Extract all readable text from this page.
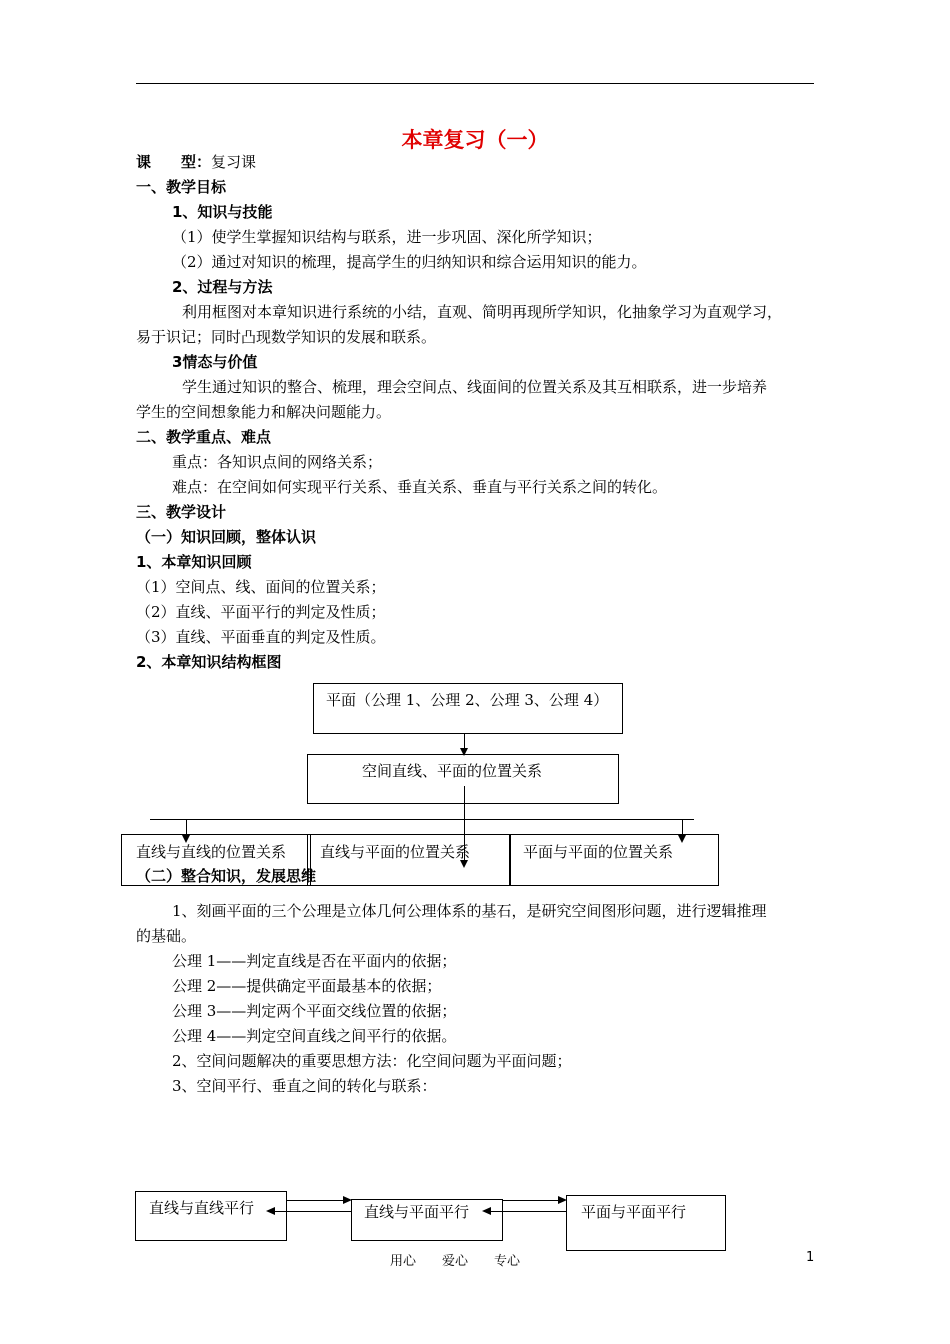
本章复习（一）
课　　型：复习课
一、教学目标
1、知识与技能
（1）使学生掌握知识结构与联系，进一步巩固、深化所学知识；
（2）通过对知识的梳理，提高学生的归纳知识和综合运用知识的能力。
2、过程与方法
利用框图对本章知识进行系统的小结，直观、简明再现所学知识，化抽象学习为直观学习，
易于识记；同时凸现数学知识的发展和联系。
3情态与价值
学生通过知识的整合、梳理，理会空间点、线面间的位置关系及其互相联系，进一步培养
学生的空间想象能力和解决问题能力。
二、教学重点、难点
重点：各知识点间的网络关系；
难点：在空间如何实现平行关系、垂直关系、垂直与平行关系之间的转化。
三、教学设计
（一）知识回顾，整体认识
1、本章知识回顾
（1）空间点、线、面间的位置关系；
（2）直线、平面平行的判定及性质；
（3）直线、平面垂直的判定及性质。
2、本章知识结构框图
平面（公理 1、公理 2、公理 3、公理 4）
空间直线、平面的位置关系
直线与直线的位置关系 直线与平面的位置关系	平面与平面的位置关系
（二）整合知识，发展思维
1、刻画平面的三个公理是立体几何公理体系的基石，是研究空间图形问题，进行逻辑推理
的基础。
公理 1——判定直线是否在平面内的依据；
公理 2——提供确定平面最基本的依据；
公理 3——判定两个平面交线位置的依据；
公理 4——判定空间直线之间平行的依据。
2、空间问题解决的重要思想方法：化空间问题为平面问题；
3、空间平行、垂直之间的转化与联系：
直线与直线平行	直线与平面平行	平面与平面平行
用心　　爱心　　专心	1
